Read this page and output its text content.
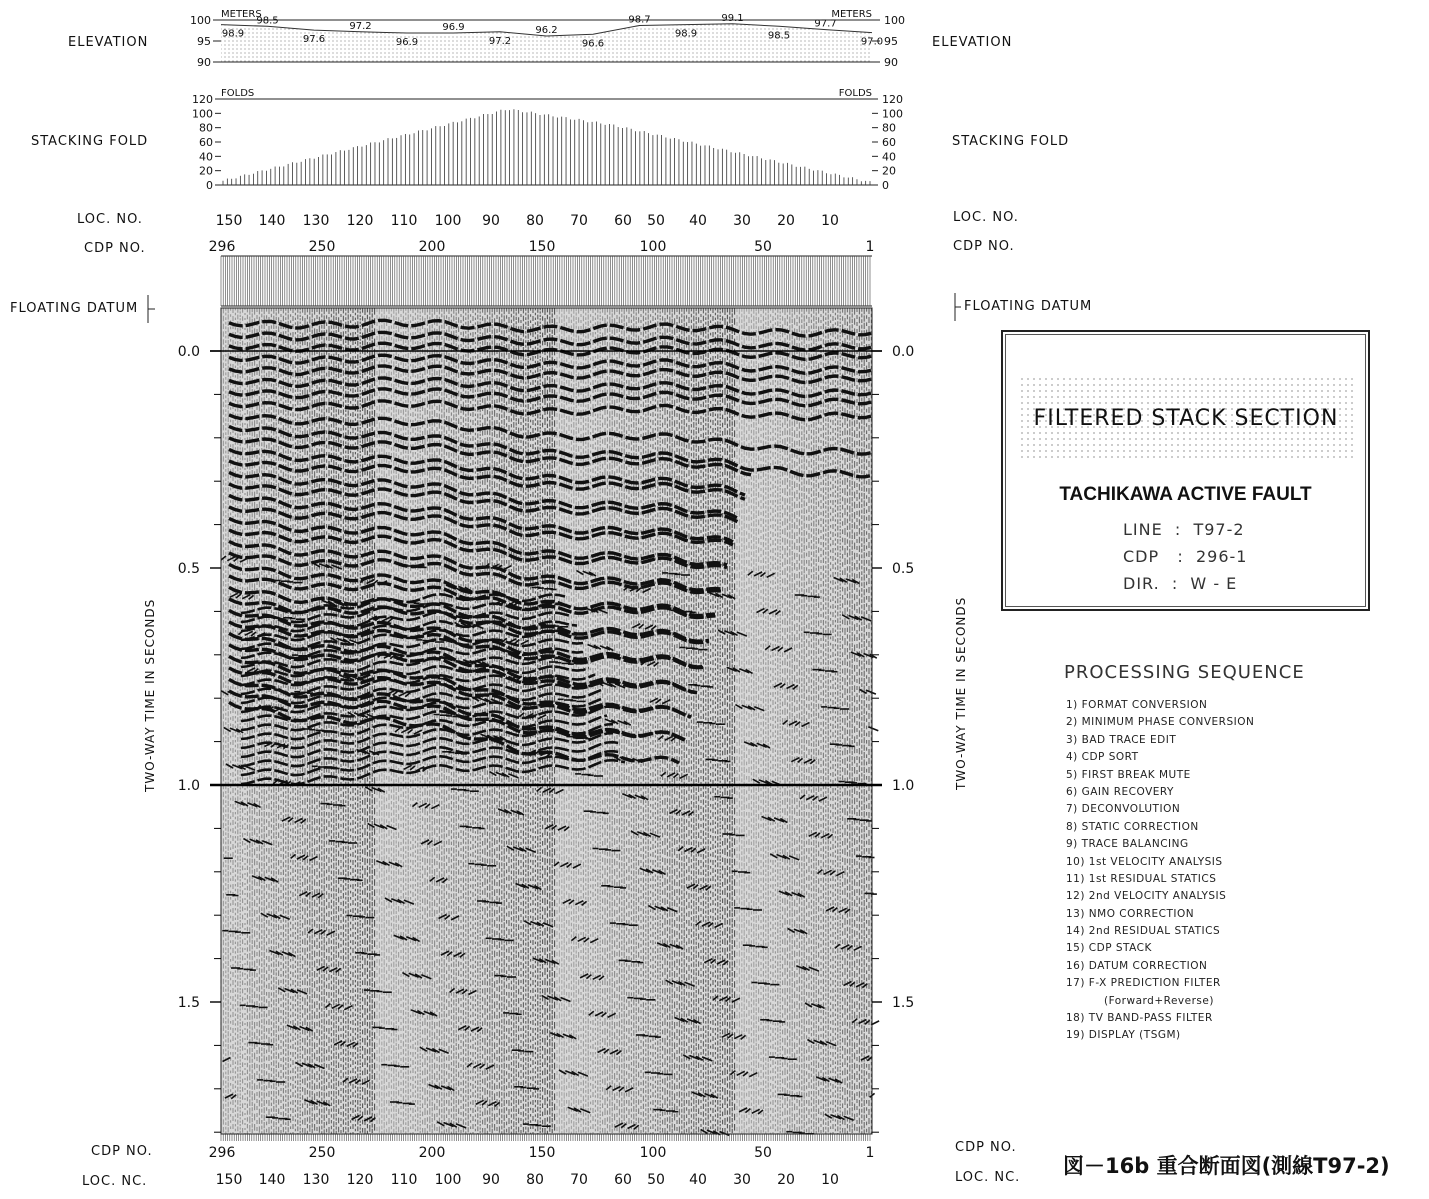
ELEVATION
STACKING FOLD
LOC. NO.
CDP NO.
FLOATING DATUM
CDP NO.
LOC. NC.
ELEVATION
STACKING FOLD
LOC. NO.
CDP NO.
FLOATING DATUM
CDP NO.
LOC. NC.
TWO-WAY TIME IN SECONDS	TWO-WAY TIME IN SECONDS
100	100
95	95
90	90
98.9
98.5
97.6
97.2
96.9
96.9
97.2
96.2
96.6
98.7
98.9
99.1
98.5
97.7
97.0
METERS	METERS
120	120
100	100
80	80
60	60
40	40
20	20
0	0
FOLDS	FOLDS
150
150
140
140
130
130
120
120
110
110
100
100
90
90
80
80
70
70
60
60
50
50
40
40
30
30
20
20
10
10
296
296
250
250
200
200
150
150
100
100
50
50
1
1
0.0	0.0
0.5	0.5
1.0	1.0
1.5	1.5
FILTERED STACK SECTION
TACHIKAWA ACTIVE FAULT
LINE  :  T97-2
CDP   :  296-1
DIR.  :  W - E
PROCESSING SEQUENCE
1) FORMAT CONVERSION
2) MINIMUM PHASE CONVERSION
3) BAD TRACE EDIT
4) CDP SORT
5) FIRST BREAK MUTE
6) GAIN RECOVERY
7) DECONVOLUTION
8) STATIC CORRECTION
9) TRACE BALANCING
10) 1st VELOCITY ANALYSIS
11) 1st RESIDUAL STATICS
12) 2nd VELOCITY ANALYSIS
13) NMO CORRECTION
14) 2nd RESIDUAL STATICS
15) CDP STACK
16) DATUM CORRECTION
17) F-X PREDICTION FILTER
(Forward+Reverse)
18) TV BAND-PASS FILTER
19) DISPLAY (TSGM)
図－16b 重合断面図(測線T97-2)
